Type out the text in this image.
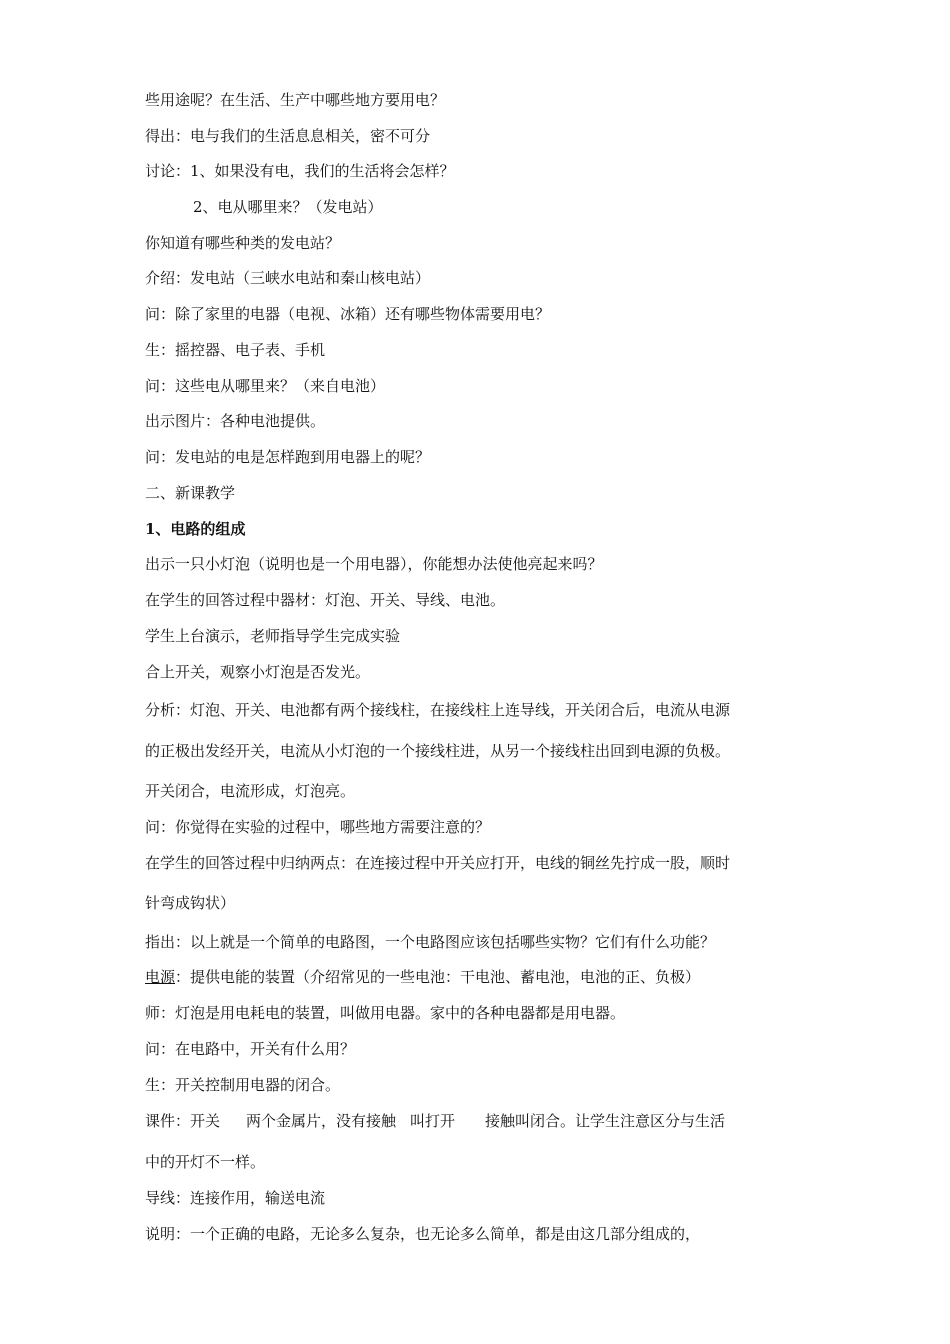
些用途呢？在生活、生产中哪些地方要用电？
得出：电与我们的生活息息相关，密不可分
讨论：1、如果没有电，我们的生活将会怎样？
2、电从哪里来？（发电站）
你知道有哪些种类的发电站？
介绍：发电站（三峡水电站和秦山核电站）
问：除了家里的电器（电视、冰箱）还有哪些物体需要用电？
生：摇控器、电子表、手机
问：这些电从哪里来？（来自电池）
出示图片：各种电池提供。
问：发电站的电是怎样跑到用电器上的呢？
二、新课教学
1、电路的组成
出示一只小灯泡（说明也是一个用电器），你能想办法使他亮起来吗？
在学生的回答过程中器材：灯泡、开关、导线、电池。
学生上台演示，老师指导学生完成实验
合上开关，观察小灯泡是否发光。
分析：灯泡、开关、电池都有两个接线柱，在接线柱上连导线，开关闭合后，电流从电源
的正极出发经开关，电流从小灯泡的一个接线柱进，从另一个接线柱出回到电源的负极。
开关闭合，电流形成，灯泡亮。
问：你觉得在实验的过程中，哪些地方需要注意的？
在学生的回答过程中归纳两点：在连接过程中开关应打开，电线的铜丝先拧成一股，顺时
针弯成钩状）
指出：以上就是一个简单的电路图，一个电路图应该包括哪些实物？它们有什么功能？
电源：提供电能的装置（介绍常见的一些电池：干电池、蓄电池，电池的正、负极）
师：灯泡是用电耗电的装置，叫做用电器。家中的各种电器都是用电器。
问：在电路中，开关有什么用？
生：开关控制用电器的闭合。
课件：开关 两个金属片，没有接触 叫打开 接触叫闭合。让学生注意区分与生活
中的开灯不一样。
导线：连接作用，输送电流
说明：一个正确的电路，无论多么复杂，也无论多么简单，都是由这几部分组成的，
